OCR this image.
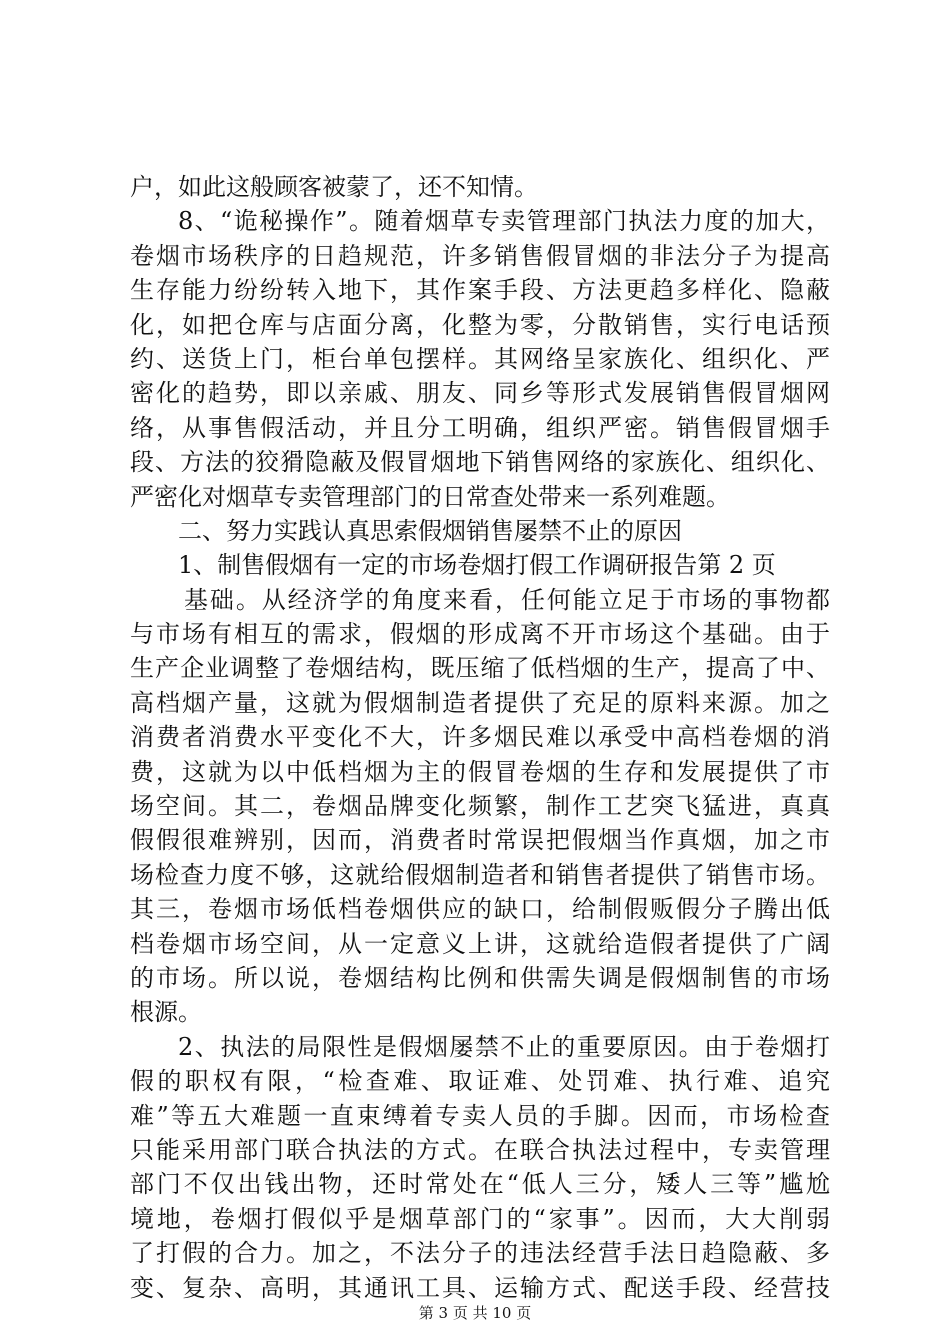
户，如此这般顾客被蒙了，还不知情。
8、“诡秘操作”。随着烟草专卖管理部门执法力度的加大，
卷烟市场秩序的日趋规范，许多销售假冒烟的非法分子为提高
生存能力纷纷转入地下，其作案手段、方法更趋多样化、隐蔽
化，如把仓库与店面分离，化整为零，分散销售，实行电话预
约、送货上门，柜台单包摆样。其网络呈家族化、组织化、严
密化的趋势，即以亲戚、朋友、同乡等形式发展销售假冒烟网
络，从事售假活动，并且分工明确，组织严密。销售假冒烟手
段、方法的狡猾隐蔽及假冒烟地下销售网络的家族化、组织化、
严密化对烟草专卖管理部门的日常查处带来一系列难题。
二、努力实践认真思索假烟销售屡禁不止的原因
1、制售假烟有一定的市场卷烟打假工作调研报告第 2 页
基础。从经济学的角度来看，任何能立足于市场的事物都
与市场有相互的需求，假烟的形成离不开市场这个基础。由于
生产企业调整了卷烟结构，既压缩了低档烟的生产，提高了中、
高档烟产量，这就为假烟制造者提供了充足的原料来源。加之
消费者消费水平变化不大，许多烟民难以承受中高档卷烟的消
费，这就为以中低档烟为主的假冒卷烟的生存和发展提供了市
场空间。其二，卷烟品牌变化频繁，制作工艺突飞猛进，真真
假假很难辨别，因而，消费者时常误把假烟当作真烟，加之市
场检查力度不够，这就给假烟制造者和销售者提供了销售市场。
其三，卷烟市场低档卷烟供应的缺口，给制假贩假分子腾出低
档卷烟市场空间，从一定意义上讲，这就给造假者提供了广阔
的市场。所以说，卷烟结构比例和供需失调是假烟制售的市场
根源。
2、执法的局限性是假烟屡禁不止的重要原因。由于卷烟打
假的职权有限，“检查难、取证难、处罚难、执行难、追究
难”等五大难题一直束缚着专卖人员的手脚。因而，市场检查
只能采用部门联合执法的方式。在联合执法过程中，专卖管理
部门不仅出钱出物，还时常处在“低人三分，矮人三等”尴尬
境地，卷烟打假似乎是烟草部门的“家事”。因而，大大削弱
了打假的合力。加之，不法分子的违法经营手法日趋隐蔽、多
变、复杂、高明，其通讯工具、运输方式、配送手段、经营技
第 3 页 共 10 页
